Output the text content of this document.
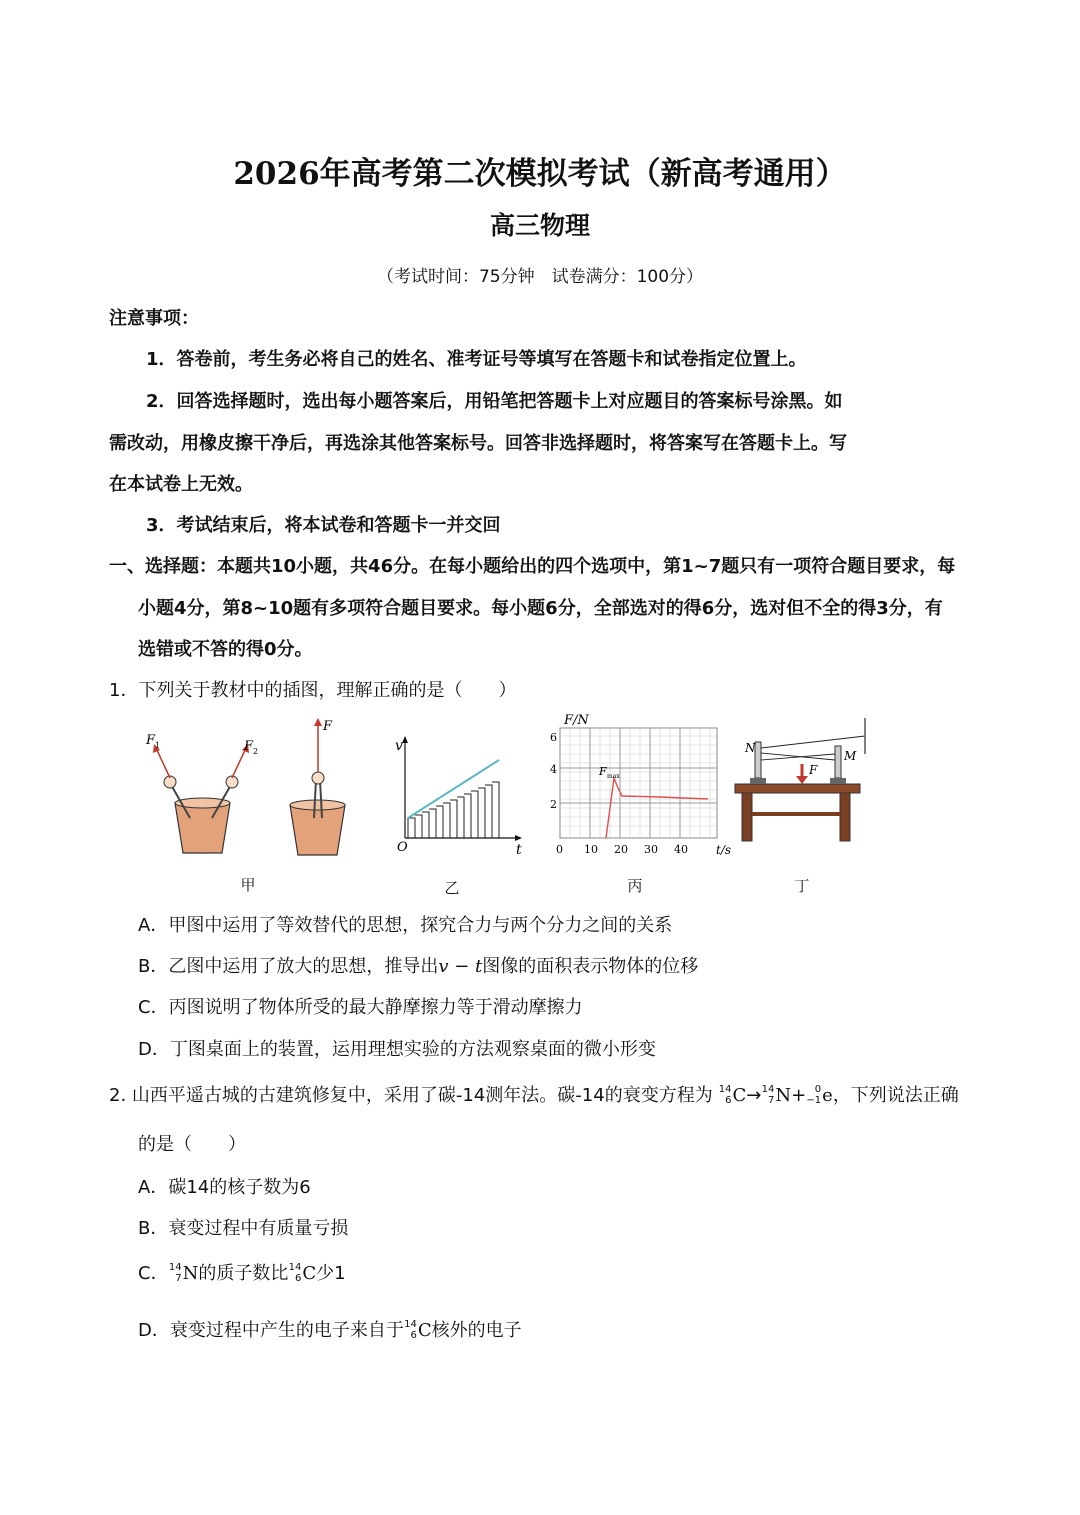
2026年高考第二次模拟考试（新高考通用）
高三物理
（考试时间：75分钟　试卷满分：100分）
注意事项：
1．答卷前，考生务必将自己的姓名、准考证号等填写在答题卡和试卷指定位置上。
2．回答选择题时，选出每小题答案后，用铅笔把答题卡上对应题目的答案标号涂黑。如
需改动，用橡皮擦干净后，再选涂其他答案标号。回答非选择题时，将答案写在答题卡上。写
在本试卷上无效。
3．考试结束后，将本试卷和答题卡一并交回
一、选择题：本题共10小题，共46分。在每小题给出的四个选项中，第1~7题只有一项符合题目要求，每
小题4分，第8~10题有多项符合题目要求。每小题6分，全部选对的得6分，选对但不全的得3分，有
选错或不答的得0分。
1．下列关于教材中的插图，理解正确的是（　　）
F 1	F 2
F
v
t
O
F max
F/N
6
4
2
0 10 20 30 40 t/s
N
M
F
甲	乙	丙	丁
A．甲图中运用了等效替代的思想，探究合力与两个分力之间的关系
B．乙图中运用了放大的思想，推导出v − t图像的面积表示物体的位移
C．丙图说明了物体所受的最大静摩擦力等于滑动摩擦力
D．丁图桌面上的装置，运用理想实验的方法观察桌面的微小形变
2. 山西平遥古城的古建筑修复中，采用了碳-14测年法。碳-14的衰变方程为 14
6 C→ 14
7 N+ 0
−1 e，下列说法正确
的是（　　）
A．碳14的核子数为6
B．衰变过程中有质量亏损
C． 14
7 N的质子数比 14
6 C少1
D．衰变过程中产生的电子来自于 14
6 C核外的电子
